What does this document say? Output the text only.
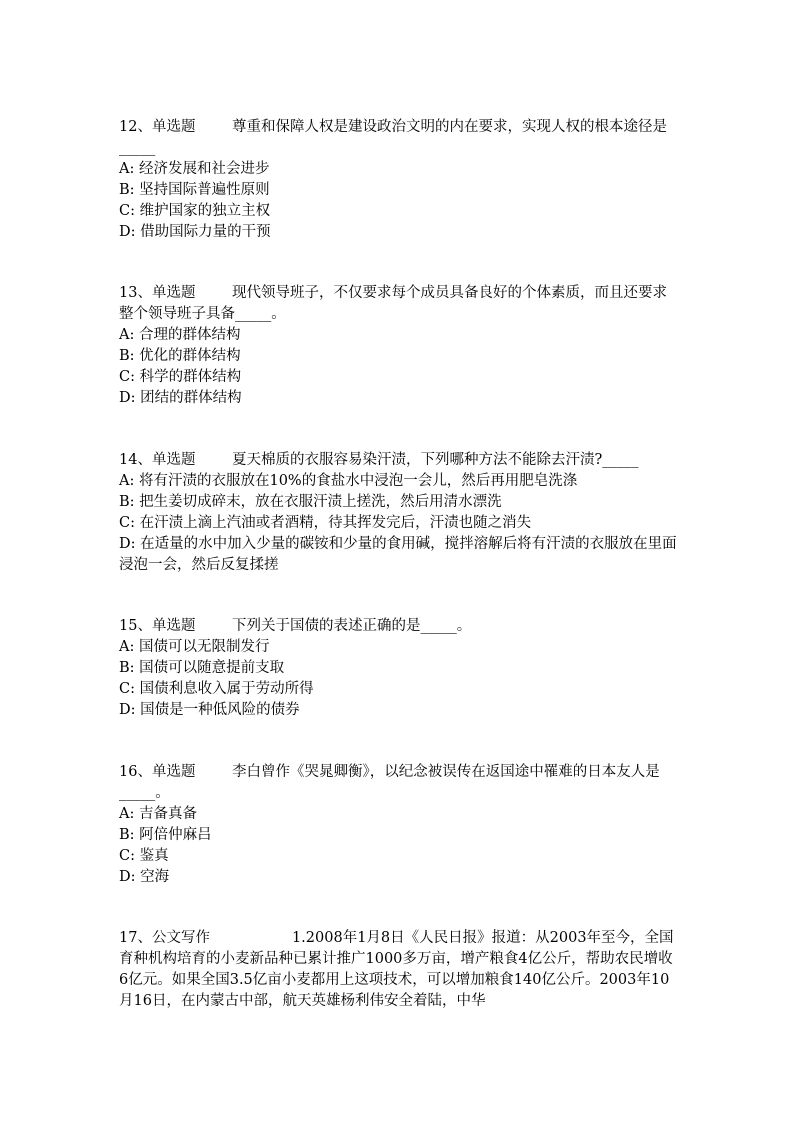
12、单选题	尊重和保障人权是建设政治文明的内在要求，实现人权的根本途径是_____
A: 经济发展和社会进步
B: 坚持国际普遍性原则
C: 维护国家的独立主权
D: 借助国际力量的干预
13、单选题	现代领导班子，不仅要求每个成员具备良好的个体素质，而且还要求整个领导班子具备_____。
A: 合理的群体结构
B: 优化的群体结构
C: 科学的群体结构
D: 团结的群体结构
14、单选题	夏天棉质的衣服容易染汗渍，下列哪种方法不能除去汗渍?_____
A: 将有汗渍的衣服放在10%的食盐水中浸泡一会儿，然后再用肥皂洗涤
B: 把生姜切成碎末，放在衣服汗渍上搓洗，然后用清水漂洗
C: 在汗渍上滴上汽油或者酒精，待其挥发完后，汗渍也随之消失
D: 在适量的水中加入少量的碳铵和少量的食用碱，搅拌溶解后将有汗渍的衣服放在里面浸泡一会，然后反复揉搓
15、单选题	下列关于国债的表述正确的是_____。
A: 国债可以无限制发行
B: 国债可以随意提前支取
C: 国债利息收入属于劳动所得
D: 国债是一种低风险的债券
16、单选题	李白曾作《哭晁卿衡》，以纪念被误传在返国途中罹难的日本友人是_____。
A: 吉备真备
B: 阿倍仲麻吕
C: 鉴真
D: 空海
17、公文写作	1.2008年1月8日《人民日报》报道：从2003年至今，全国育种机构培育的小麦新品种已累计推广1000多万亩，增产粮食4亿公斤，帮助农民增收6亿元。如果全国3.5亿亩小麦都用上这项技术，可以增加粮食140亿公斤。2003年10月16日，在内蒙古中部，航天英雄杨利伟安全着陆，中华
